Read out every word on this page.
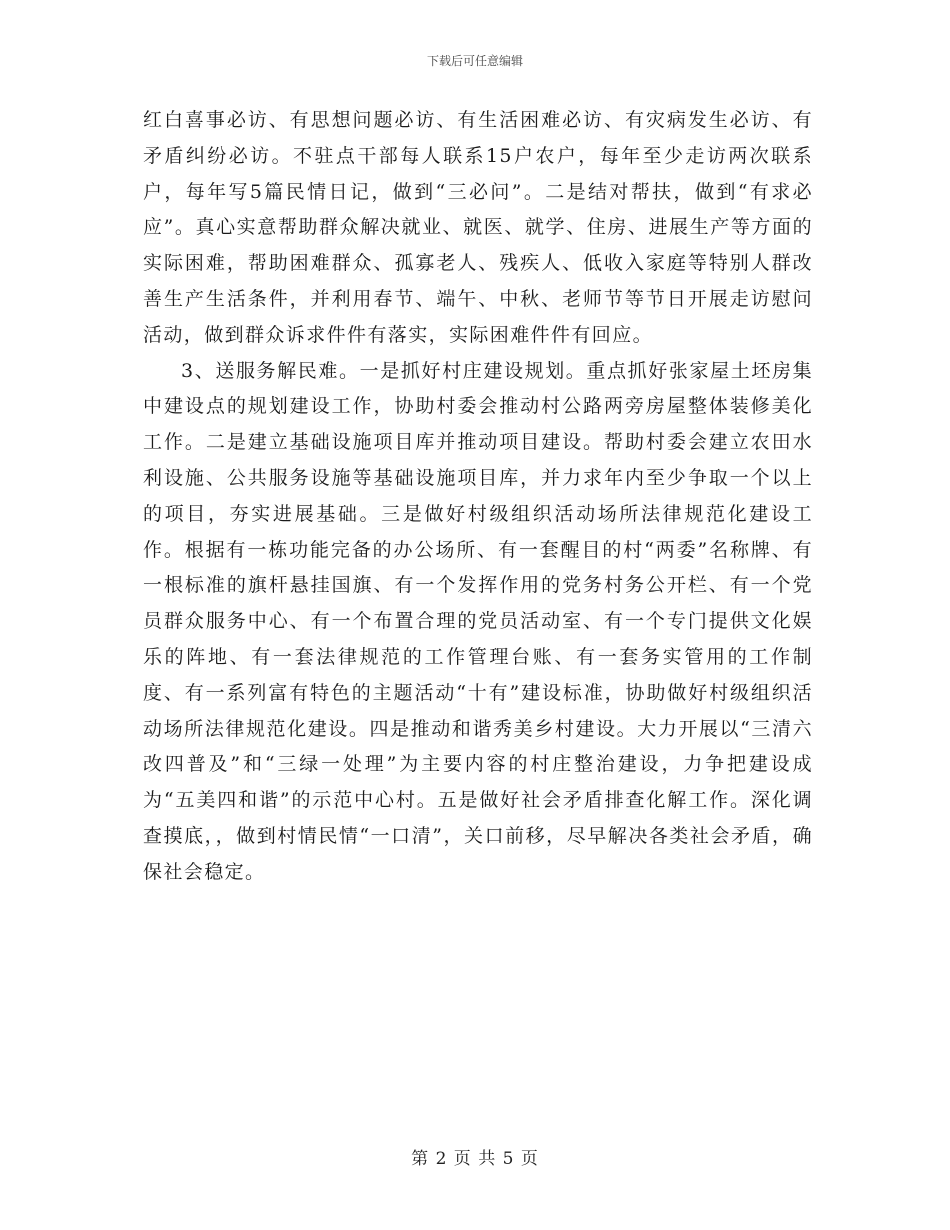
下载后可任意编辑

红白喜事必访、有思想问题必访、有生活困难必访、有灾病发生必访、有矛盾纠纷必访。不驻点干部每人联系15户农户，每年至少走访两次联系户，每年写5篇民情日记，做到“三必问”。二是结对帮扶，做到“有求必应”。真心实意帮助群众解决就业、就医、就学、住房、进展生产等方面的实际困难，帮助困难群众、孤寡老人、残疾人、低收入家庭等特别人群改善生产生活条件，并利用春节、端午、中秋、老师节等节日开展走访慰问活动，做到群众诉求件件有落实，实际困难件件有回应。

3、送服务解民难。一是抓好村庄建设规划。重点抓好张家屋土坯房集中建设点的规划建设工作，协助村委会推动村公路两旁房屋整体装修美化工作。二是建立基础设施项目库并推动项目建设。帮助村委会建立农田水利设施、公共服务设施等基础设施项目库，并力求年内至少争取一个以上的项目，夯实进展基础。三是做好村级组织活动场所法律规范化建设工作。根据有一栋功能完备的办公场所、有一套醒目的村“两委”名称牌、有一根标准的旗杆悬挂国旗、有一个发挥作用的党务村务公开栏、有一个党员群众服务中心、有一个布置合理的党员活动室、有一个专门提供文化娱乐的阵地、有一套法律规范的工作管理台账、有一套务实管用的工作制度、有一系列富有特色的主题活动“十有”建设标准，协助做好村级组织活动场所法律规范化建设。四是推动和谐秀美乡村建设。大力开展以“三清六改四普及”和“三绿一处理”为主要内容的村庄整治建设，力争把建设成为“五美四和谐”的示范中心村。五是做好社会矛盾排查化解工作。深化调查摸底，，做到村情民情“一口清”，关口前移，尽早解决各类社会矛盾，确保社会稳定。

第 2 页 共 5 页
